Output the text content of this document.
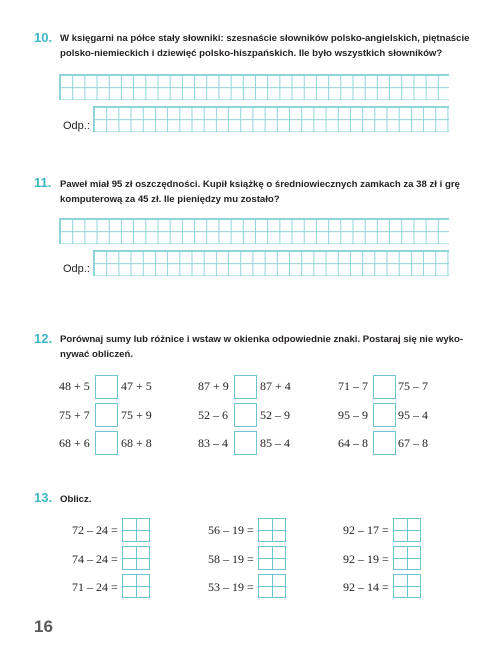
10. W księgarni na półce stały słowniki: szesnaście słowników polsko-angielskich, piętnaście
polsko-niemieckich i dziewięć polsko-hiszpańskich. Ile było wszystkich słowników?
Odp.:
11. Paweł miał 95 zł oszczędności. Kupił książkę o średniowiecznych zamkach za 38 zł i grę
komputerową za 45 zł. Ile pieniędzy mu zostało?
Odp.:
12. Porównaj sumy lub różnice i wstaw w okienka odpowiednie znaki. Postaraj się nie wyko-
nywać obliczeń.
48 + 5	47 + 5	87 + 9	87 + 4	71 – 7	75 – 7
75 + 7	75 + 9	52 – 6	52 – 9	95 – 9	95 – 4
68 + 6	68 + 8	83 – 4	85 – 4	64 – 8	67 – 8
13. Oblicz.
72 – 24 =	56 – 19 =	92 – 17 =
74 – 24 =	58 – 19 =	92 – 19 =
71 – 24 =	53 – 19 =	92 – 14 =
16
